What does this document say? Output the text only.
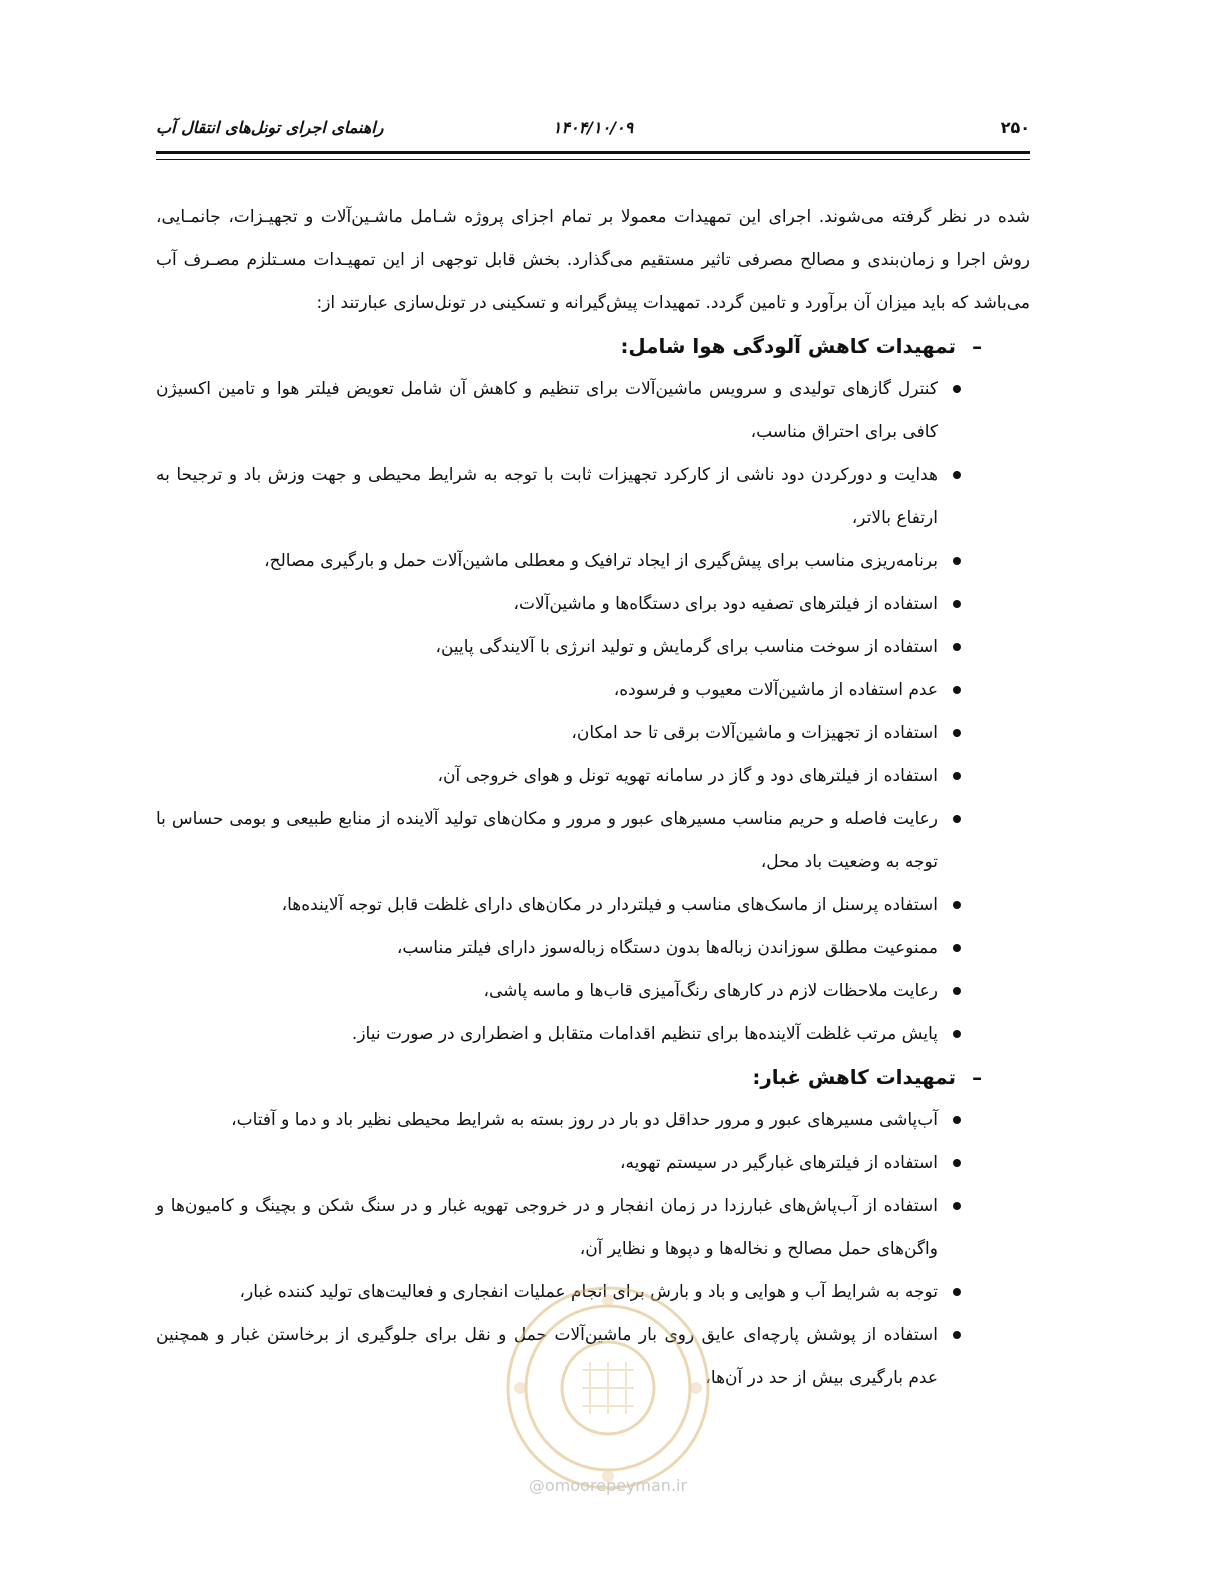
۲۵۰
۱۴۰۴/۱۰/۰۹
راهنمای اجرای تونل‌های انتقال آب

شده در نظر گرفته می‌شوند. اجرای این تمهیدات معمولا بر تمام اجزای پروژه شـامل ماشـین‌آلات و تجهیـزات، جانمـایی، روش اجرا و زمان‌بندی و مصالح مصرفی تاثیر مستقیم می‌گذارد. بخش قابل توجهی از این تمهیـدات مسـتلزم مصـرف آب می‌باشد که باید میزان آن برآورد و تامین گردد. تمهیدات پیش‌گیرانه و تسکینی در تونل‌سازی عبارتند از:

–تمهیدات کاهش آلودگی هوا شامل:
کنترل گازهای تولیدی و سرویس ماشین‌آلات برای تنظیم و کاهش آن شامل تعویض فیلتر هوا و تامین اکسیژن کافی برای احتراق مناسب،
هدایت و دورکردن دود ناشی از کارکرد تجهیزات ثابت با توجه به شرایط محیطی و جهت وزش باد و ترجیحا به ارتفاع بالاتر،
برنامه‌ریزی مناسب برای پیش‌گیری از ایجاد ترافیک و معطلی ماشین‌آلات حمل و بارگیری مصالح،
استفاده از فیلترهای تصفیه دود برای دستگاه‌ها و ماشین‌آلات،
استفاده از سوخت مناسب برای گرمایش و تولید انرژی با آلایندگی پایین،
عدم استفاده از ماشین‌آلات معیوب و فرسوده،
استفاده از تجهیزات و ماشین‌آلات برقی تا حد امکان،
استفاده از فیلترهای دود و گاز در سامانه تهویه تونل و هوای خروجی آن،
رعایت فاصله و حریم مناسب مسیرهای عبور و مرور و مکان‌های تولید آلاینده از منابع طبیعی و بومی حساس با توجه به وضعیت باد محل،
استفاده پرسنل از ماسک‌های مناسب و فیلتردار در مکان‌های دارای غلظت قابل توجه آلاینده‌ها،
ممنوعیت مطلق سوزاندن زباله‌ها بدون دستگاه زباله‌سوز دارای فیلتر مناسب،
رعایت ملاحظات لازم در کارهای رنگ‌آمیزی قاب‌ها و ماسه پاشی،
پایش مرتب غلظت آلاینده‌ها برای تنظیم اقدامات متقابل و اضطراری در صورت نیاز.
–تمهیدات کاهش غبار:
آب‌پاشی مسیرهای عبور و مرور حداقل دو بار در روز بسته به شرایط محیطی نظیر باد و دما و آفتاب،
استفاده از فیلترهای غبارگیر در سیستم تهویه،
استفاده از آب‌پاش‌های غبارزدا در زمان انفجار و در خروجی تهویه غبار و در سنگ شکن و بچینگ و کامیون‌ها و واگن‌های حمل مصالح و نخاله‌ها و دپوها و نظایر آن،
توجه به شرایط آب و هوایی و باد و بارش برای انجام عملیات انفجاری و فعالیت‌های تولید کننده غبار،
استفاده از پوشش پارچه‌ای عایق روی بار ماشین‌آلات حمل و نقل برای جلوگیری از برخاستن غبار و همچنین عدم بارگیری بیش از حد در آن‌ها،
@omoorepeyman.ir
